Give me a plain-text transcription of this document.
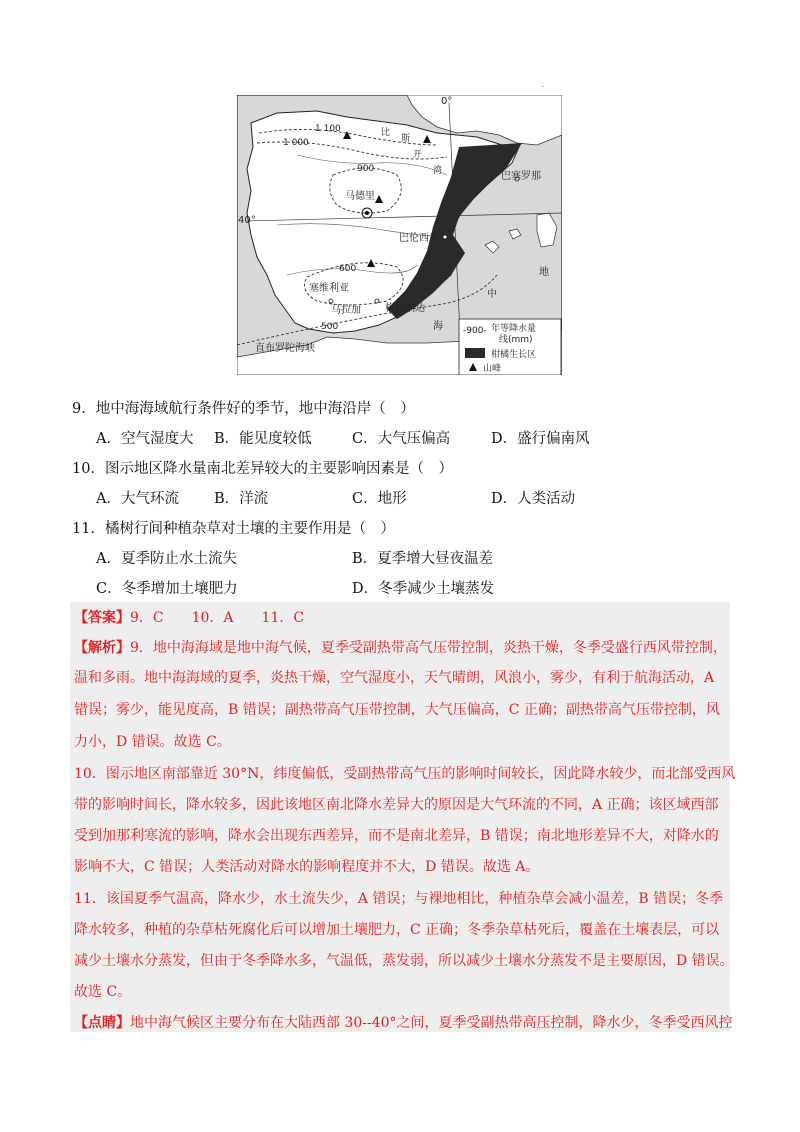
.
0°
40°
1 100
1 000
900
600
500
比
斯
开
湾
马德里
巴塞罗那
巴伦西亚
塞维利亚
马拉加 格拉纳达
直布罗陀海峡
地
中
海 -900- 年等降水量
线(mm)
柑橘生长区
山峰
9．地中海海域航行条件好的季节，地中海沿岸（　）
A．空气湿度大 B．能见度较低	C．大气压偏高	D．盛行偏南风
10．图示地区降水量南北差异较大的主要影响因素是（　）
A．大气环流 B．洋流	C．地形	D．人类活动
11．橘树行间种植杂草对土壤的主要作用是（　）
A．夏季防止水土流失	B．夏季增大昼夜温差
C．冬季增加土壤肥力	D．冬季减少土壤蒸发
【答案】9．C　　10．A　　11．C
【解析】9．地中海海域是地中海气候，夏季受副热带高气压带控制，炎热干燥，冬季受盛行西风带控制，
温和多雨。地中海海域的夏季，炎热干燥，空气湿度小，天气晴朗，风浪小，雾少，有利于航海活动，A
错误；雾少，能见度高，B 错误；副热带高气压带控制，大气压偏高，C 正确；副热带高气压带控制，风
力小，D 错误。故选 C。
10．图示地区南部靠近 30°N，纬度偏低，受副热带高气压的影响时间较长，因此降水较少，而北部受西风
带的影响时间长，降水较多，因此该地区南北降水差异大的原因是大气环流的不同，A 正确；该区域西部
受到加那利寒流的影响，降水会出现东西差异，而不是南北差异，B 错误；南北地形差异不大，对降水的
影响不大，C 错误；人类活动对降水的影响程度并不大，D 错误。故选 A。
11．该国夏季气温高，降水少，水土流失少，A 错误；与裸地相比，种植杂草会减小温差，B 错误；冬季
降水较多，种植的杂草枯死腐化后可以增加土壤肥力，C 正确；冬季杂草枯死后，覆盖在土壤表层，可以
减少土壤水分蒸发，但由于冬季降水多，气温低，蒸发弱，所以减少土壤水分蒸发不是主要原因，D 错误。
故选 C。
【点睛】地中海气候区主要分布在大陆西部 30--40°之间，夏季受副热带高压控制，降水少，冬季受西风控
